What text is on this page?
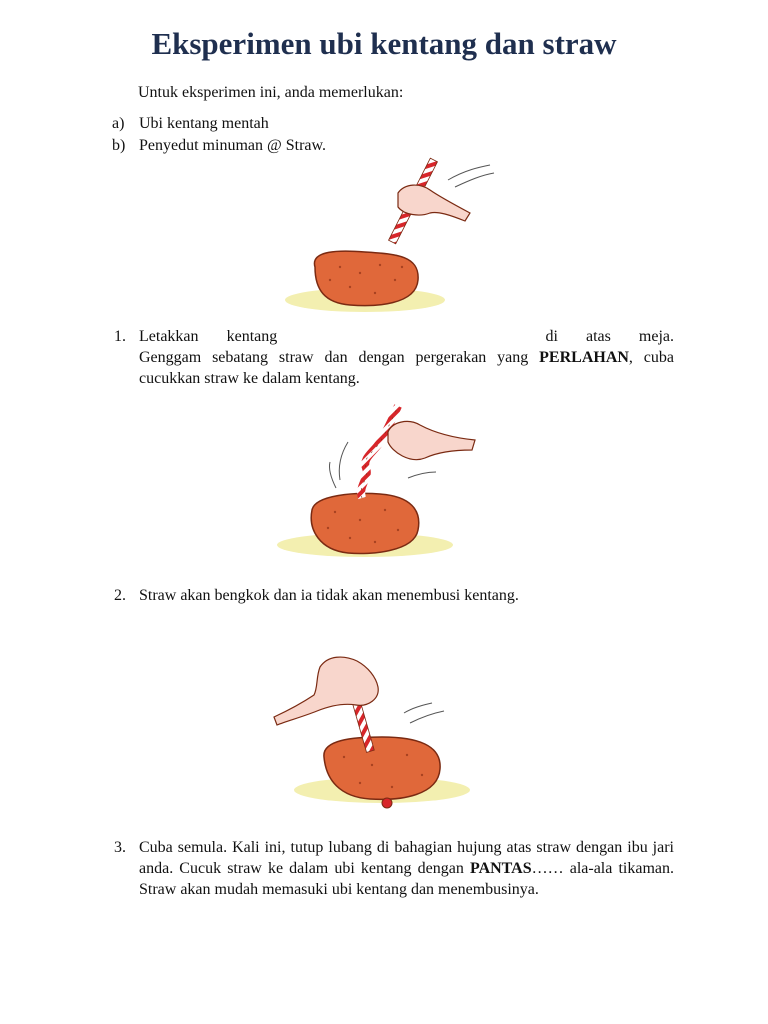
Eksperimen ubi kentang dan straw
Untuk eksperimen ini, anda memerlukan:
a) Ubi kentang mentah
b) Penyedut minuman @ Straw.
1. Letakkan kentang	di atas meja.
Genggam sebatang straw dan dengan pergerakan yang PERLAHAN, cuba cucukkan straw ke dalam kentang.
2. Straw akan bengkok dan ia tidak akan menembusi kentang.
3. Cuba semula. Kali ini, tutup lubang di bahagian hujung atas straw dengan ibu jari anda. Cucuk straw ke dalam ubi kentang dengan PANTAS…… ala-ala tikaman. Straw akan mudah memasuki ubi kentang dan menembusinya.
